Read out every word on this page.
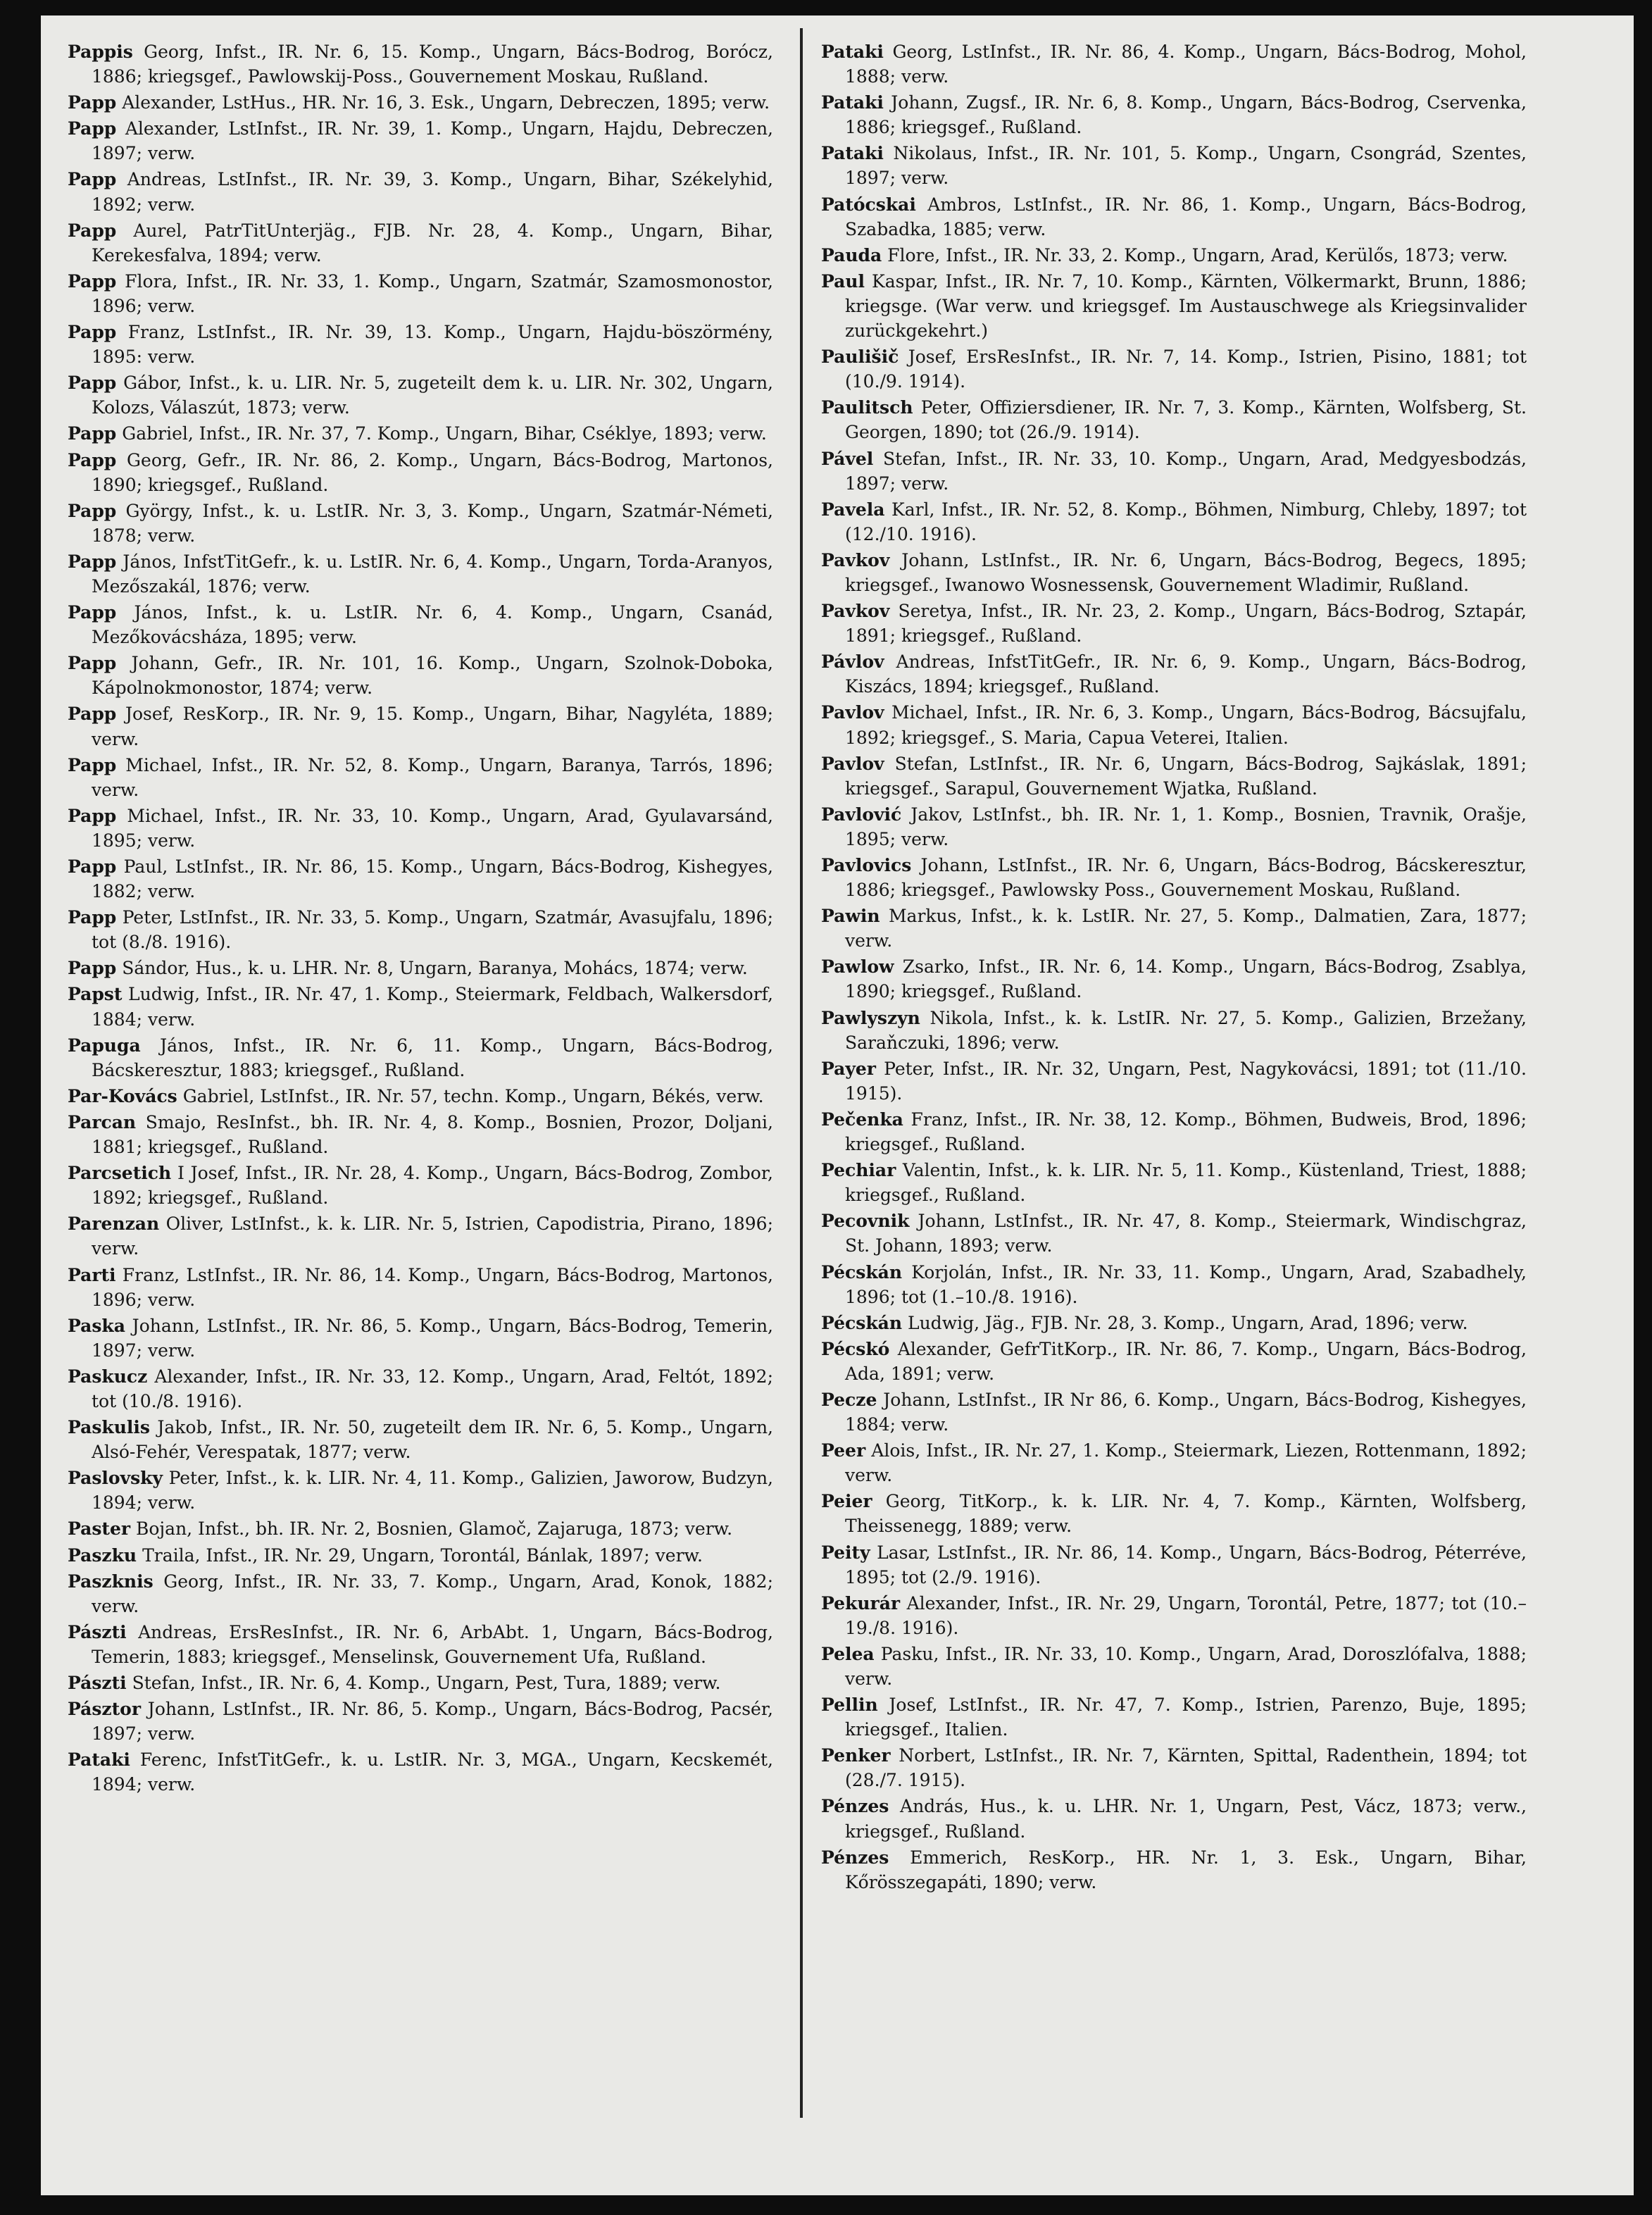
Pappis Georg, Infst., IR. Nr. 6, 15. Komp., Ungarn, Bács-Bodrog, Borócz, 1886; kriegsgef., Pawlowskij-Poss., Gouvernement Moskau, Rußland.

Papp Alexander, LstHus., HR. Nr. 16, 3. Esk., Ungarn, Debreczen, 1895; verw.

Papp Alexander, LstInfst., IR. Nr. 39, 1. Komp., Ungarn, Hajdu, Debreczen, 1897; verw.

Papp Andreas, LstInfst., IR. Nr. 39, 3. Komp., Ungarn, Bihar, Székelyhid, 1892; verw.

Papp Aurel, PatrTitUnterjäg., FJB. Nr. 28, 4. Komp., Ungarn, Bihar, Kerekesfalva, 1894; verw.

Papp Flora, Infst., IR. Nr. 33, 1. Komp., Ungarn, Szatmár, Szamosmonostor, 1896; verw.

Papp Franz, LstInfst., IR. Nr. 39, 13. Komp., Ungarn, Hajdu-böszörmény, 1895: verw.

Papp Gábor, Infst., k. u. LIR. Nr. 5, zugeteilt dem k. u. LIR. Nr. 302, Ungarn, Kolozs, Válaszút, 1873; verw.

Papp Gabriel, Infst., IR. Nr. 37, 7. Komp., Ungarn, Bihar, Cséklye, 1893; verw.

Papp Georg, Gefr., IR. Nr. 86, 2. Komp., Ungarn, Bács-Bodrog, Martonos, 1890; kriegsgef., Rußland.

Papp György, Infst., k. u. LstIR. Nr. 3, 3. Komp., Ungarn, Szatmár-Németi, 1878; verw.

Papp János, InfstTitGefr., k. u. LstIR. Nr. 6, 4. Komp., Ungarn, Torda-Aranyos, Mezőszakál, 1876; verw.

Papp János, Infst., k. u. LstIR. Nr. 6, 4. Komp., Ungarn, Csanád, Mezőkovácsháza, 1895; verw.

Papp Johann, Gefr., IR. Nr. 101, 16. Komp., Ungarn, Szolnok-Doboka, Kápolnokmonostor, 1874; verw.

Papp Josef, ResKorp., IR. Nr. 9, 15. Komp., Ungarn, Bihar, Nagyléta, 1889; verw.

Papp Michael, Infst., IR. Nr. 52, 8. Komp., Ungarn, Baranya, Tarrós, 1896; verw.

Papp Michael, Infst., IR. Nr. 33, 10. Komp., Ungarn, Arad, Gyulavarsánd, 1895; verw.

Papp Paul, LstInfst., IR. Nr. 86, 15. Komp., Ungarn, Bács-Bodrog, Kishegyes, 1882; verw.

Papp Peter, LstInfst., IR. Nr. 33, 5. Komp., Ungarn, Szatmár, Avasujfalu, 1896; tot (8./8. 1916).

Papp Sándor, Hus., k. u. LHR. Nr. 8, Ungarn, Baranya, Mohács, 1874; verw.

Papst Ludwig, Infst., IR. Nr. 47, 1. Komp., Steiermark, Feldbach, Walkersdorf, 1884; verw.

Papuga János, Infst., IR. Nr. 6, 11. Komp., Ungarn, Bács-Bodrog, Bácskeresztur, 1883; kriegsgef., Rußland.

Par-Kovács Gabriel, LstInfst., IR. Nr. 57, techn. Komp., Ungarn, Békés, verw.

Parcan Smajo, ResInfst., bh. IR. Nr. 4, 8. Komp., Bosnien, Prozor, Doljani, 1881; kriegsgef., Rußland.

Parcsetich I Josef, Infst., IR. Nr. 28, 4. Komp., Ungarn, Bács-Bodrog, Zombor, 1892; kriegsgef., Rußland.

Parenzan Oliver, LstInfst., k. k. LIR. Nr. 5, Istrien, Capodistria, Pirano, 1896; verw.

Parti Franz, LstInfst., IR. Nr. 86, 14. Komp., Ungarn, Bács-Bodrog, Martonos, 1896; verw.

Paska Johann, LstInfst., IR. Nr. 86, 5. Komp., Ungarn, Bács-Bodrog, Temerin, 1897; verw.

Paskucz Alexander, Infst., IR. Nr. 33, 12. Komp., Ungarn, Arad, Feltót, 1892; tot (10./8. 1916).

Paskulis Jakob, Infst., IR. Nr. 50, zugeteilt dem IR. Nr. 6, 5. Komp., Ungarn, Alsó-Fehér, Verespatak, 1877; verw.

Paslovsky Peter, Infst., k. k. LIR. Nr. 4, 11. Komp., Galizien, Jaworow, Budzyn, 1894; verw.

Paster Bojan, Infst., bh. IR. Nr. 2, Bosnien, Glamoč, Zajaruga, 1873; verw.

Paszku Traila, Infst., IR. Nr. 29, Ungarn, Torontál, Bánlak, 1897; verw.

Paszknis Georg, Infst., IR. Nr. 33, 7. Komp., Ungarn, Arad, Konok, 1882; verw.

Pászti Andreas, ErsResInfst., IR. Nr. 6, ArbAbt. 1, Ungarn, Bács-Bodrog, Temerin, 1883; kriegsgef., Menselinsk, Gouvernement Ufa, Rußland.

Pászti Stefan, Infst., IR. Nr. 6, 4. Komp., Ungarn, Pest, Tura, 1889; verw.

Pásztor Johann, LstInfst., IR. Nr. 86, 5. Komp., Ungarn, Bács-Bodrog, Pacsér, 1897; verw.

Pataki Ferenc, InfstTitGefr., k. u. LstIR. Nr. 3, MGA., Ungarn, Kecskemét, 1894; verw.

Pataki Georg, LstInfst., IR. Nr. 86, 4. Komp., Ungarn, Bács-Bodrog, Mohol, 1888; verw.

Pataki Johann, Zugsf., IR. Nr. 6, 8. Komp., Ungarn, Bács-Bodrog, Cservenka, 1886; kriegsgef., Rußland.

Pataki Nikolaus, Infst., IR. Nr. 101, 5. Komp., Ungarn, Csongrád, Szentes, 1897; verw.

Patócskai Ambros, LstInfst., IR. Nr. 86, 1. Komp., Ungarn, Bács-Bodrog, Szabadka, 1885; verw.

Pauda Flore, Infst., IR. Nr. 33, 2. Komp., Ungarn, Arad, Kerülős, 1873; verw.

Paul Kaspar, Infst., IR. Nr. 7, 10. Komp., Kärnten, Völkermarkt, Brunn, 1886; kriegsge. (War verw. und kriegsgef. Im Austauschwege als Kriegsinvalider zurückgekehrt.)

Paulišič Josef, ErsResInfst., IR. Nr. 7, 14. Komp., Istrien, Pisino, 1881; tot (10./9. 1914).

Paulitsch Peter, Offiziersdiener, IR. Nr. 7, 3. Komp., Kärnten, Wolfsberg, St. Georgen, 1890; tot (26./9. 1914).

Pável Stefan, Infst., IR. Nr. 33, 10. Komp., Ungarn, Arad, Medgyesbodzás, 1897; verw.

Pavela Karl, Infst., IR. Nr. 52, 8. Komp., Böhmen, Nimburg, Chleby, 1897; tot (12./10. 1916).

Pavkov Johann, LstInfst., IR. Nr. 6, Ungarn, Bács-Bodrog, Begecs, 1895; kriegsgef., Iwanowo Wosnessensk, Gouvernement Wladimir, Rußland.

Pavkov Seretya, Infst., IR. Nr. 23, 2. Komp., Ungarn, Bács-Bodrog, Sztapár, 1891; kriegsgef., Rußland.

Pávlov Andreas, InfstTitGefr., IR. Nr. 6, 9. Komp., Ungarn, Bács-Bodrog, Kiszács, 1894; kriegsgef., Rußland.

Pavlov Michael, Infst., IR. Nr. 6, 3. Komp., Ungarn, Bács-Bodrog, Bácsujfalu, 1892; kriegsgef., S. Maria, Capua Veterei, Italien.

Pavlov Stefan, LstInfst., IR. Nr. 6, Ungarn, Bács-Bodrog, Sajkáslak, 1891; kriegsgef., Sarapul, Gouvernement Wjatka, Rußland.

Pavlović Jakov, LstInfst., bh. IR. Nr. 1, 1. Komp., Bosnien, Travnik, Orašje, 1895; verw.

Pavlovics Johann, LstInfst., IR. Nr. 6, Ungarn, Bács-Bodrog, Bácskeresztur, 1886; kriegsgef., Pawlowsky Poss., Gouvernement Moskau, Rußland.

Pawin Markus, Infst., k. k. LstIR. Nr. 27, 5. Komp., Dalmatien, Zara, 1877; verw.

Pawlow Zsarko, Infst., IR. Nr. 6, 14. Komp., Ungarn, Bács-Bodrog, Zsablya, 1890; kriegsgef., Rußland.

Pawlyszyn Nikola, Infst., k. k. LstIR. Nr. 27, 5. Komp., Galizien, Brzežany, Saraňczuki, 1896; verw.

Payer Peter, Infst., IR. Nr. 32, Ungarn, Pest, Nagykovácsi, 1891; tot (11./10. 1915).

Pečenka Franz, Infst., IR. Nr. 38, 12. Komp., Böhmen, Budweis, Brod, 1896; kriegsgef., Rußland.

Pechiar Valentin, Infst., k. k. LIR. Nr. 5, 11. Komp., Küstenland, Triest, 1888; kriegsgef., Rußland.

Pecovnik Johann, LstInfst., IR. Nr. 47, 8. Komp., Steiermark, Windischgraz, St. Johann, 1893; verw.

Pécskán Korjolán, Infst., IR. Nr. 33, 11. Komp., Ungarn, Arad, Szabadhely, 1896; tot (1.–10./8. 1916).

Pécskán Ludwig, Jäg., FJB. Nr. 28, 3. Komp., Ungarn, Arad, 1896; verw.

Pécskó Alexander, GefrTitKorp., IR. Nr. 86, 7. Komp., Ungarn, Bács-Bodrog, Ada, 1891; verw.

Pecze Johann, LstInfst., IR Nr 86, 6. Komp., Ungarn, Bács-Bodrog, Kishegyes, 1884; verw.

Peer Alois, Infst., IR. Nr. 27, 1. Komp., Steiermark, Liezen, Rottenmann, 1892; verw.

Peier Georg, TitKorp., k. k. LIR. Nr. 4, 7. Komp., Kärnten, Wolfsberg, Theissenegg, 1889; verw.

Peity Lasar, LstInfst., IR. Nr. 86, 14. Komp., Ungarn, Bács-Bodrog, Péterréve, 1895; tot (2./9. 1916).

Pekurár Alexander, Infst., IR. Nr. 29, Ungarn, Torontál, Petre, 1877; tot (10.–19./8. 1916).

Pelea Pasku, Infst., IR. Nr. 33, 10. Komp., Ungarn, Arad, Doroszlófalva, 1888; verw.

Pellin Josef, LstInfst., IR. Nr. 47, 7. Komp., Istrien, Parenzo, Buje, 1895; kriegsgef., Italien.

Penker Norbert, LstInfst., IR. Nr. 7, Kärnten, Spittal, Radenthein, 1894; tot (28./7. 1915).

Pénzes András, Hus., k. u. LHR. Nr. 1, Ungarn, Pest, Vácz, 1873; verw., kriegsgef., Rußland.

Pénzes Emmerich, ResKorp., HR. Nr. 1, 3. Esk., Ungarn, Bihar, Kőrösszegapáti, 1890; verw.
